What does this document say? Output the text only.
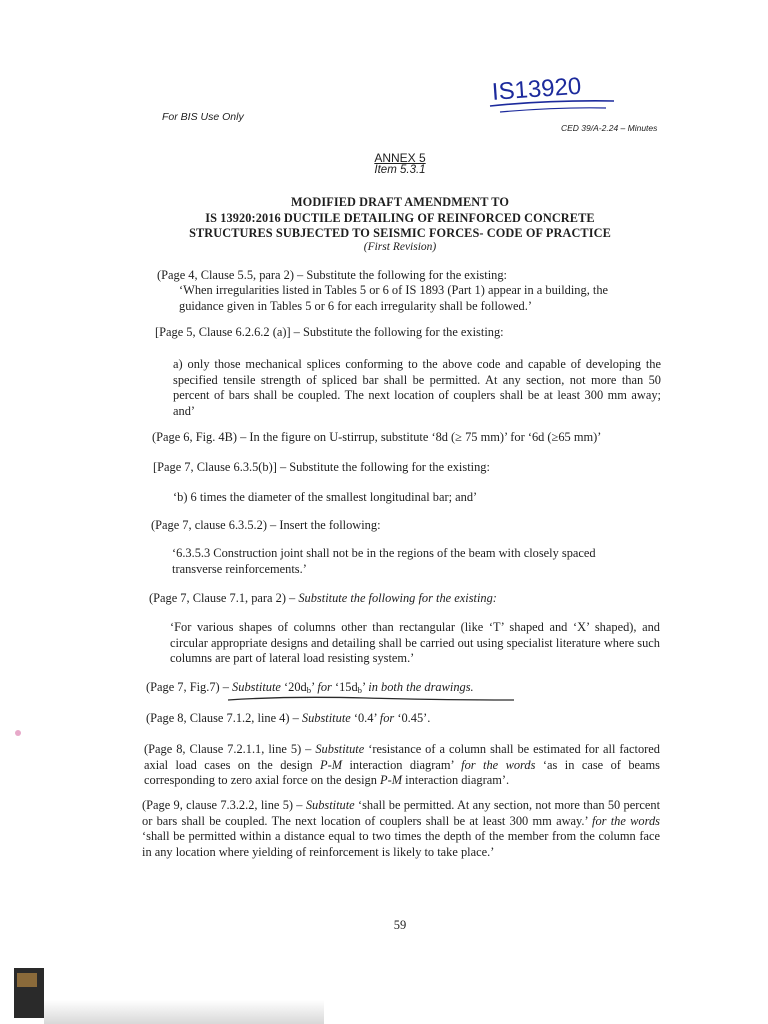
IS13920
For BIS Use Only
CED 39/A-2.24 – Minutes
ANNEX 5
Item 5.3.1
MODIFIED DRAFT AMENDMENT TO
IS 13920:2016 DUCTILE DETAILING OF REINFORCED CONCRETE
STRUCTURES SUBJECTED TO SEISMIC FORCES- CODE OF PRACTICE
(First Revision)
(Page 4, Clause 5.5, para 2) – Substitute the following for the existing:
‘When irregularities listed in Tables 5 or 6 of IS 1893 (Part 1) appear in a building, the guidance given in Tables 5 or 6 for each irregularity shall be followed.’
[Page 5, Clause 6.2.6.2 (a)] – Substitute the following for the existing:
a) only those mechanical splices conforming to the above code and capable of developing the specified tensile strength of spliced bar shall be permitted. At any section, not more than 50 percent of bars shall be coupled. The next location of couplers shall be at least 300 mm away; and’
(Page 6, Fig. 4B) – In the figure on U-stirrup, substitute ‘8d (≥ 75 mm)’ for ‘6d (≥65 mm)’
[Page 7, Clause 6.3.5(b)] – Substitute the following for the existing:
‘b) 6 times the diameter of the smallest longitudinal bar; and’
(Page 7, clause 6.3.5.2) – Insert the following:
‘6.3.5.3 Construction joint shall not be in the regions of the beam with closely spaced transverse reinforcements.’
(Page 7, Clause 7.1, para 2) – Substitute the following for the existing:
‘For various shapes of columns other than rectangular (like ‘T’ shaped and ‘X’ shaped), and circular appropriate designs and detailing shall be carried out using specialist literature where such columns are part of lateral load resisting system.’
(Page 7, Fig.7) – Substitute ‘$20d_b$’ for ‘$15d_b$’ in both the drawings.
(Page 8, Clause 7.1.2, line 4) – Substitute ‘0.4’ for ‘0.45’.
(Page 8, Clause 7.2.1.1, line 5) – Substitute ‘resistance of a column shall be estimated for all factored axial load cases on the design P-M interaction diagram’ for the words ‘as in case of beams corresponding to zero axial force on the design P-M interaction diagram’.
(Page 9, clause 7.3.2.2, line 5) – Substitute ‘shall be permitted. At any section, not more than 50 percent or bars shall be coupled. The next location of couplers shall be at least 300 mm away.’ for the words ‘shall be permitted within a distance equal to two times the depth of the member from the column face in any location where yielding of reinforcement is likely to take place.’
59
